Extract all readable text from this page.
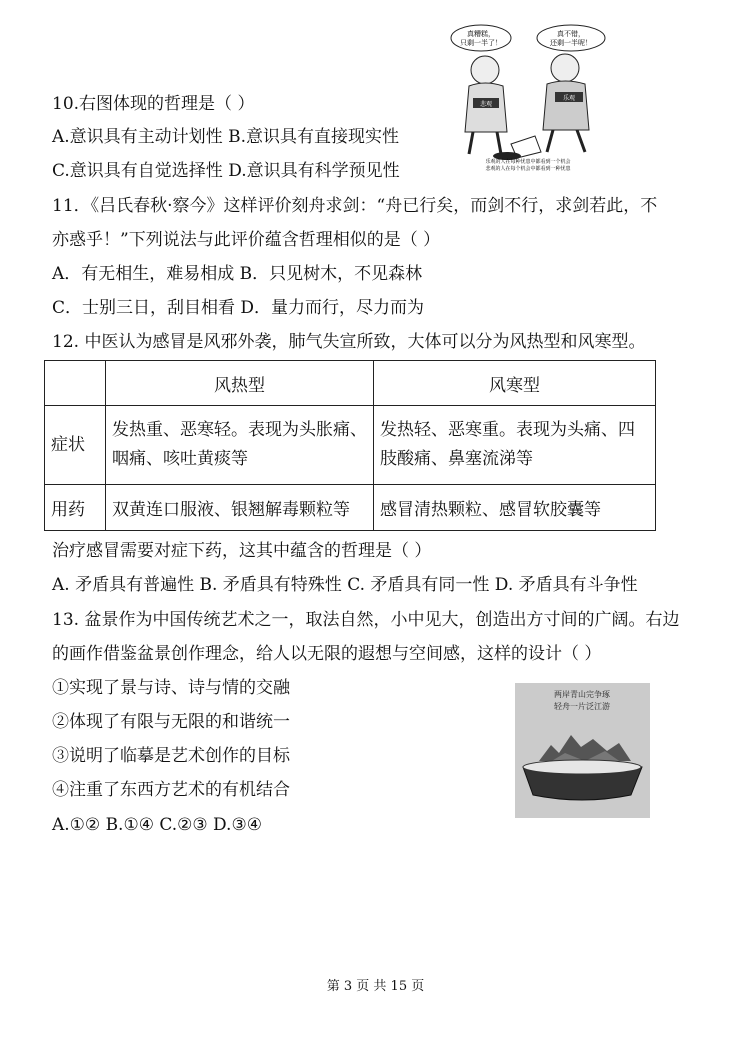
真糟糕，
只剩一半了！
真不错，
还剩一半呢！
悲观
乐观
乐观的人在每种忧患中都看到一个机会
悲观的人在每个机会中都看到一种忧患
10.右图体现的哲理是（ ）
A.意识具有主动计划性 B.意识具有直接现实性
C.意识具有自觉选择性 D.意识具有科学预见性
11．《吕氏春秋·察今》这样评价刻舟求剑：“舟已行矣，而剑不行，求剑若此，不
亦惑乎！”下列说法与此评价蕴含哲理相似的是（ ）
A．有无相生，难易相成 B．只见树木，不见森林
C．士别三日，刮目相看 D．量力而行，尽力而为
12. 中医认为感冒是风邪外袭，肺气失宣所致，大体可以分为风热型和风寒型。
	风热型	风寒型
症状	发热重、恶寒轻。表现为头胀痛、咽痛、咳吐黄痰等	发热轻、恶寒重。表现为头痛、四肢酸痛、鼻塞流涕等
用药	双黄连口服液、银翘解毒颗粒等	感冒清热颗粒、感冒软胶囊等
治疗感冒需要对症下药，这其中蕴含的哲理是（ ）
A. 矛盾具有普遍性 B. 矛盾具有特殊性 C. 矛盾具有同一性 D. 矛盾具有斗争性
13. 盆景作为中国传统艺术之一，取法自然，小中见大，创造出方寸间的广阔。右边
的画作借鉴盆景创作理念，给人以无限的遐想与空间感，这样的设计（ ）
①实现了景与诗、诗与情的交融
②体现了有限与无限的和谐统一
③说明了临摹是艺术创作的目标
④注重了东西方艺术的有机结合
A.①② B.①④ C.②③ D.③④
两岸青山完争琢
轻舟一片泛江游
第 3 页 共 15 页
